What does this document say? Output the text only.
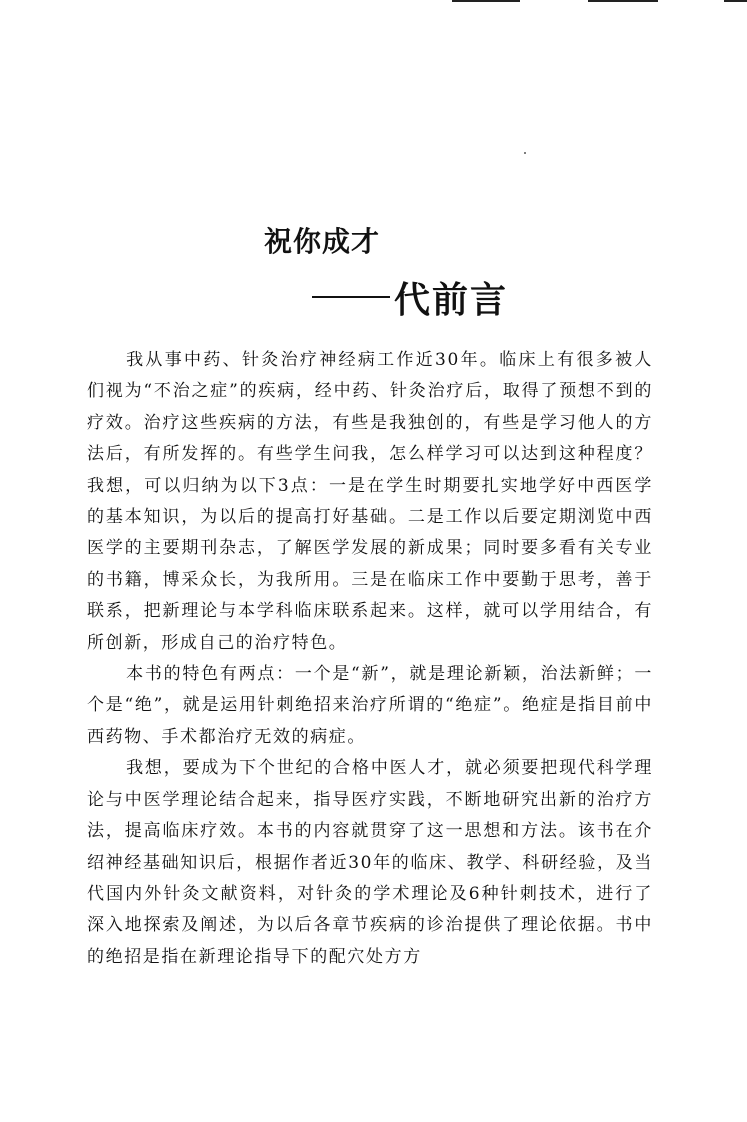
祝你成才
代前言

我从事中药、针灸治疗神经病工作近30年。临床上有很多被人们视为“不治之症”的疾病，经中药、针灸治疗后，取得了预想不到的疗效。治疗这些疾病的方法，有些是我独创的，有些是学习他人的方法后，有所发挥的。有些学生问我，怎么样学习可以达到这种程度？我想，可以归纳为以下3点：一是在学生时期要扎实地学好中西医学的基本知识，为以后的提高打好基础。二是工作以后要定期浏览中西医学的主要期刊杂志，了解医学发展的新成果；同时要多看有关专业的书籍，博采众长，为我所用。三是在临床工作中要勤于思考，善于联系，把新理论与本学科临床联系起来。这样，就可以学用结合，有所创新，形成自己的治疗特色。

本书的特色有两点：一个是“新”，就是理论新颖，治法新鲜；一个是“绝”，就是运用针刺绝招来治疗所谓的“绝症”。绝症是指目前中西药物、手术都治疗无效的病症。

我想，要成为下个世纪的合格中医人才，就必须要把现代科学理论与中医学理论结合起来，指导医疗实践，不断地研究出新的治疗方法，提高临床疗效。本书的内容就贯穿了这一思想和方法。该书在介绍神经基础知识后，根据作者近30年的临床、教学、科研经验，及当代国内外针灸文献资料，对针灸的学术理论及6种针刺技术，进行了深入地探索及阐述，为以后各章节疾病的诊治提供了理论依据。书中的绝招是指在新理论指导下的配穴处方方
